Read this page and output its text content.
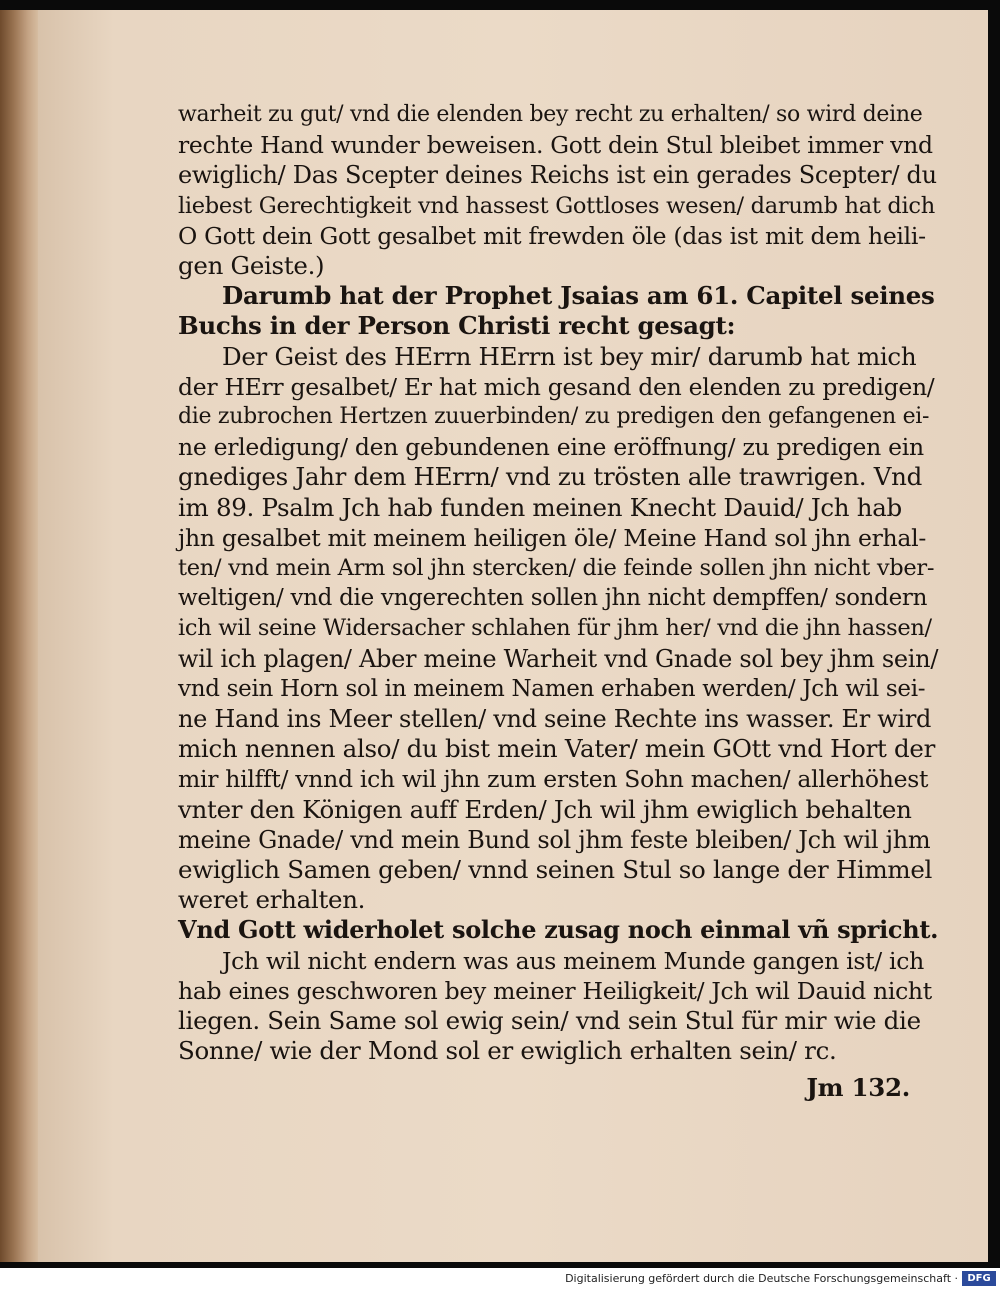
warheit zu gut/ vnd die elenden bey recht zu erhalten/ so wird deine
rechte Hand wunder beweisen. Gott dein Stul bleibet immer vnd
ewiglich/ Das Scepter deines Reichs ist ein gerades Scepter/ du
liebest Gerechtigkeit vnd hassest Gottloses wesen/ darumb hat dich
O Gott dein Gott gesalbet mit frewden öle (das ist mit dem heili-
gen Geiste.)
Darumb hat der Prophet Jsaias am 61. Capitel seines
Buchs in der Person Christi recht gesagt:
Der Geist des HErrn HErrn ist bey mir/ darumb hat mich
der HErr gesalbet/ Er hat mich gesand den elenden zu predigen/
die zubrochen Hertzen zuuerbinden/ zu predigen den gefangenen ei-
ne erledigung/ den gebundenen eine eröffnung/ zu predigen ein
gnediges Jahr dem HErrn/ vnd zu trösten alle trawrigen. Vnd
im 89. Psalm Jch hab funden meinen Knecht Dauid/ Jch hab
jhn gesalbet mit meinem heiligen öle/ Meine Hand sol jhn erhal-
ten/ vnd mein Arm sol jhn stercken/ die feinde sollen jhn nicht vber-
weltigen/ vnd die vngerechten sollen jhn nicht dempffen/ sondern
ich wil seine Widersacher schlahen für jhm her/ vnd die jhn hassen/
wil ich plagen/ Aber meine Warheit vnd Gnade sol bey jhm sein/
vnd sein Horn sol in meinem Namen erhaben werden/ Jch wil sei-
ne Hand ins Meer stellen/ vnd seine Rechte ins wasser. Er wird
mich nennen also/ du bist mein Vater/ mein GOtt vnd Hort der
mir hilfft/ vnnd ich wil jhn zum ersten Sohn machen/ allerhöhest
vnter den Königen auff Erden/ Jch wil jhm ewiglich behalten
meine Gnade/ vnd mein Bund sol jhm feste bleiben/ Jch wil jhm
ewiglich Samen geben/ vnnd seinen Stul so lange der Himmel
weret erhalten.
Vnd Gott widerholet solche zusag noch einmal vñ spricht.
Jch wil nicht endern was aus meinem Munde gangen ist/ ich
hab eines geschworen bey meiner Heiligkeit/ Jch wil Dauid nicht
liegen. Sein Same sol ewig sein/ vnd sein Stul für mir wie die
Sonne/ wie der Mond sol er ewiglich erhalten sein/ rc.
Jm 132.
Digitalisierung gefördert durch die Deutsche Forschungsgemeinschaft · DFG
